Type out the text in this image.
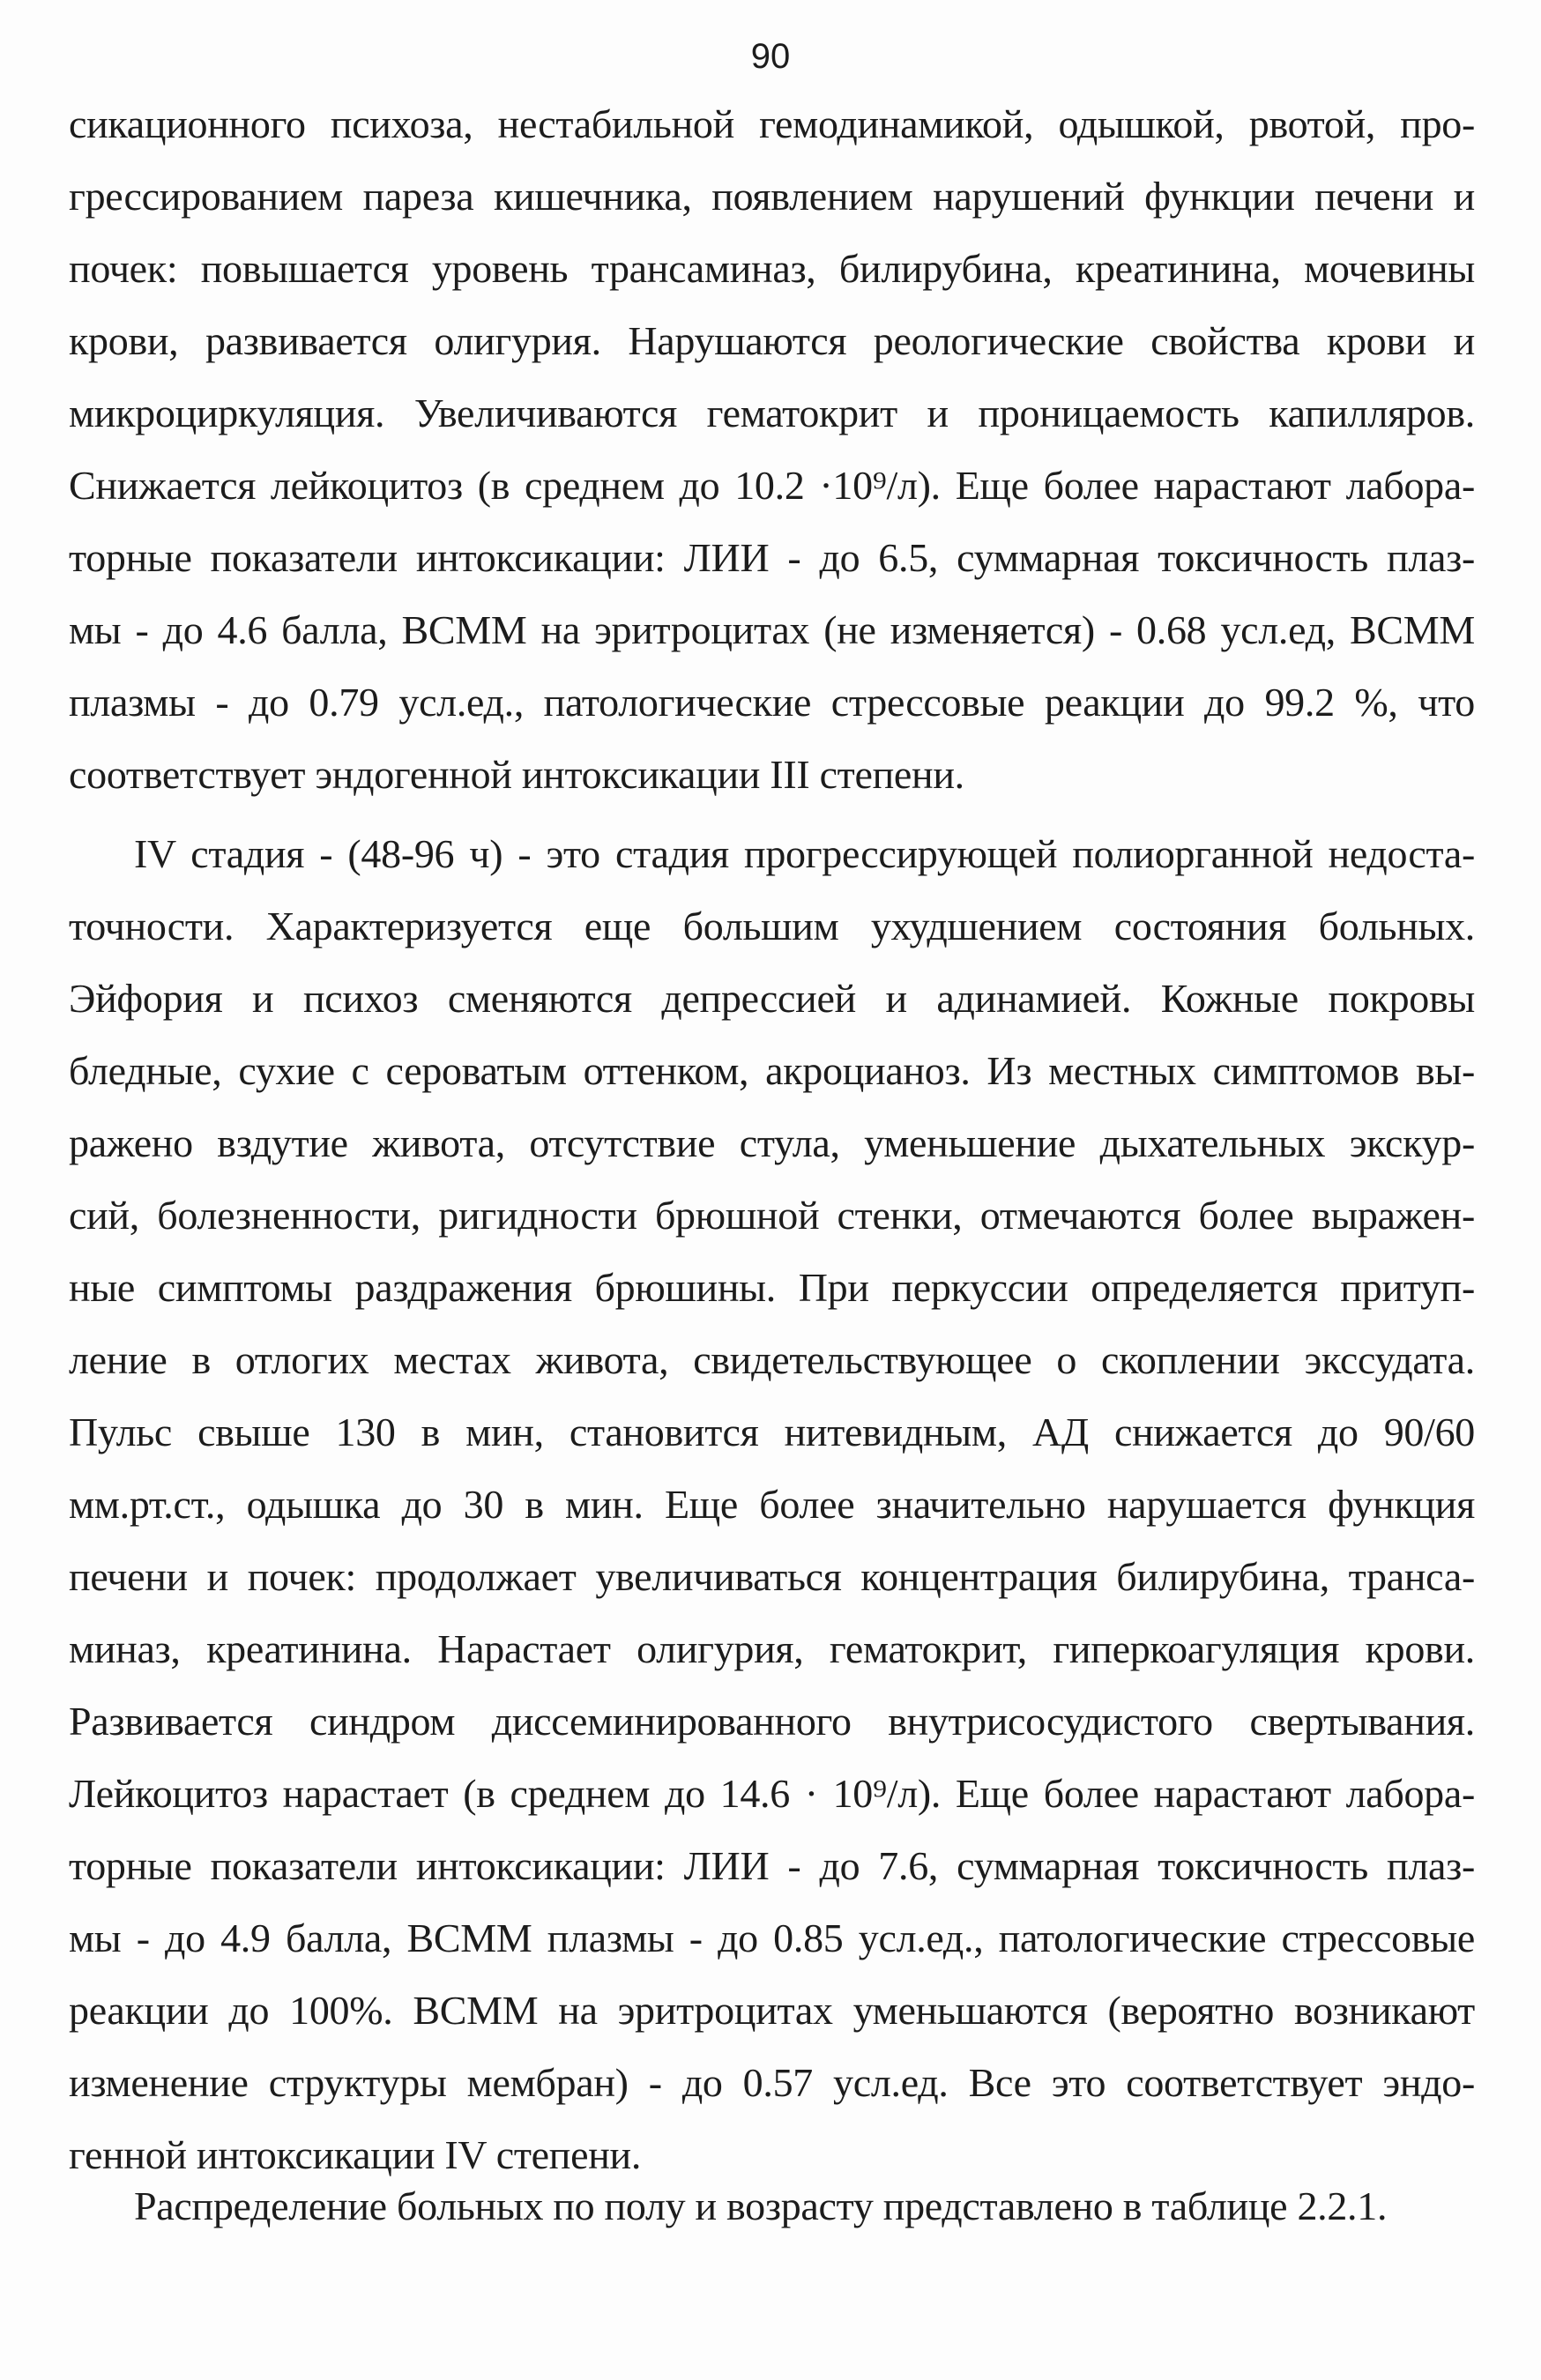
90
сикационного психоза, нестабильной гемодинамикой, одышкой, рвотой, про-
грессированием пареза кишечника, появлением нарушений функции печени и
почек: повышается уровень трансаминаз, билирубина, креатинина, мочевины
крови, развивается олигурия. Нарушаются реологические свойства крови и
микроциркуляция. Увеличиваются гематокрит и проницаемость капилляров.
Снижается лейкоцитоз (в среднем до 10.2 ·10⁹/л). Еще более нарастают лабора-
торные показатели интоксикации: ЛИИ - до 6.5, суммарная токсичность плаз-
мы - до 4.6 балла, ВСММ на эритроцитах (не изменяется) - 0.68 усл.ед, ВСММ
плазмы - до 0.79 усл.ед., патологические стрессовые реакции до 99.2 %, что
соответствует эндогенной интоксикации III степени.
IV стадия - (48-96 ч) - это стадия прогрессирующей полиорганной недоста-
точности. Характеризуется еще большим ухудшением состояния больных.
Эйфория и психоз сменяются депрессией и адинамией. Кожные покровы
бледные, сухие с сероватым оттенком, акроцианоз. Из местных симптомов вы-
ражено вздутие живота, отсутствие стула, уменьшение дыхательных экскур-
сий, болезненности, ригидности брюшной стенки, отмечаются более выражен-
ные симптомы раздражения брюшины. При перкуссии определяется притуп-
ление в отлогих местах живота, свидетельствующее о скоплении экссудата.
Пульс свыше 130 в мин, становится нитевидным, АД снижается до 90/60
мм.рт.ст., одышка до 30 в мин. Еще более значительно нарушается функция
печени и почек: продолжает увеличиваться концентрация билирубина, транса-
миназ, креатинина. Нарастает олигурия, гематокрит, гиперкоагуляция крови.
Развивается синдром диссеминированного внутрисосудистого свертывания.
Лейкоцитоз нарастает (в среднем до 14.6 · 10⁹/л). Еще более нарастают лабора-
торные показатели интоксикации: ЛИИ - до 7.6, суммарная токсичность плаз-
мы - до 4.9 балла, ВСММ плазмы - до 0.85 усл.ед., патологические стрессовые
реакции до 100%. ВСММ на эритроцитах уменьшаются (вероятно возникают
изменение структуры мембран) - до 0.57 усл.ед. Все это соответствует эндо-
генной интоксикации IV степени.
Распределение больных по полу и возрасту представлено в таблице 2.2.1.
